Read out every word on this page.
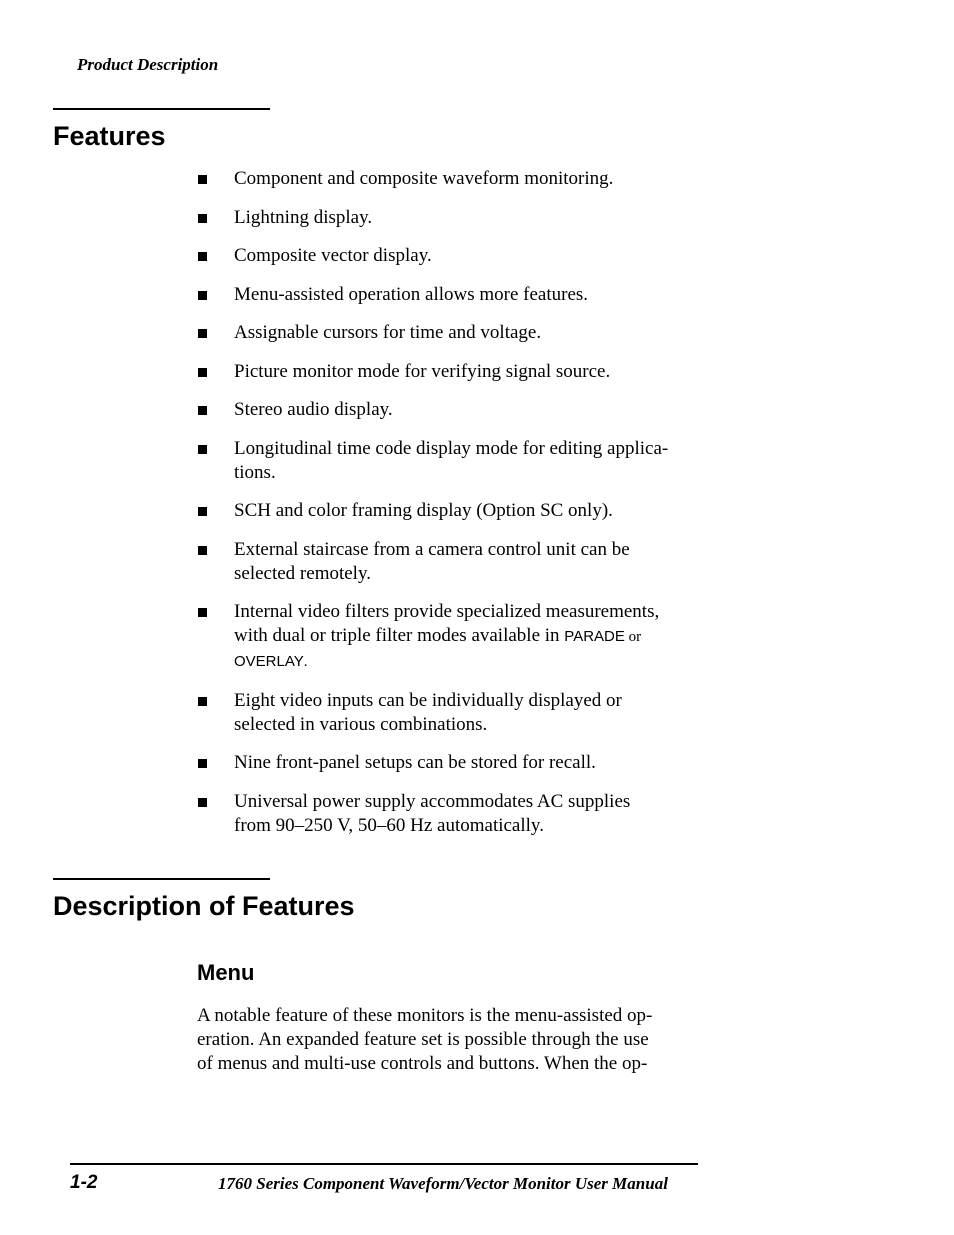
Product Description
Features
Component and composite waveform monitoring.
Lightning display.
Composite vector display.
Menu-assisted operation allows more features.
Assignable cursors for time and voltage.
Picture monitor mode for verifying signal source.
Stereo audio display.
Longitudinal time code display mode for editing applica-
tions.
SCH and color framing display (Option SC only).
External staircase from a camera control unit can be
selected remotely.
Internal video filters provide specialized measurements,
with dual or triple filter modes available in PARADE or
OVERLAY.
Eight video inputs can be individually displayed or
selected in various combinations.
Nine front-panel setups can be stored for recall.
Universal power supply accommodates AC supplies
from 90–250 V, 50–60 Hz automatically.
Description of Features
Menu
A notable feature of these monitors is the menu-assisted op-
eration. An expanded feature set is possible through the use
of menus and multi-use controls and buttons. When the op-
1-2	1760 Series Component Waveform/Vector Monitor User Manual
